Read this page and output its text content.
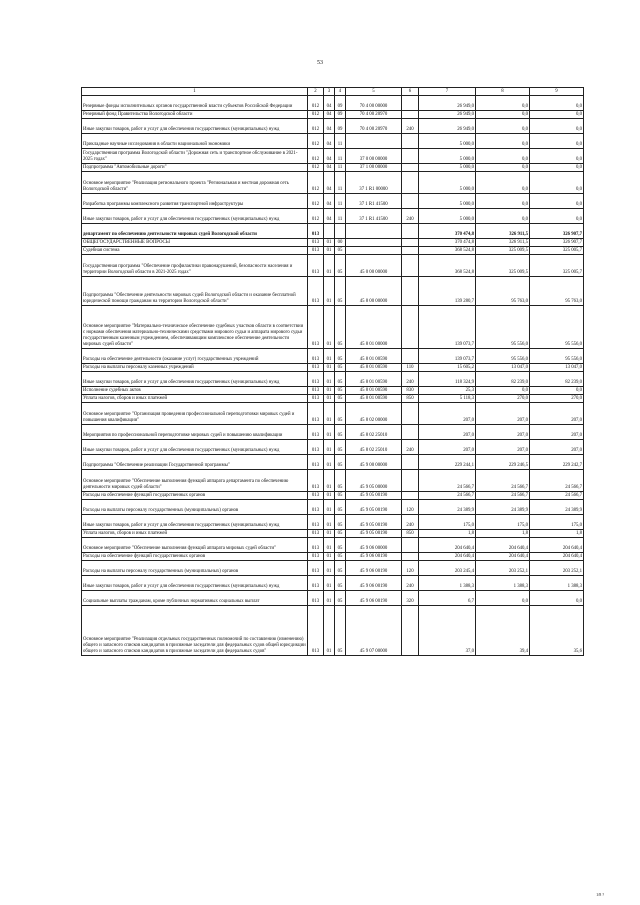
53
1	2	3	4	5	6	7	8	9
Резервные фонды исполнительных органов государственной власти субъектов Российской Федерации	012	04	09	70 4 00 00000		26 949,0	0,0	0,0
Резервный фонд Правительства Вологодской области	012	04	09	70 4 00 20970		26 949,0	0,0	0,0
Иные закупки товаров, работ и услуг для обеспечения государственных (муниципальных) нужд	012	04	09	70 4 00 20970	240	26 949,0	0,0	0,0
Прикладные научные исследования в области национальной экономики	012	04	11			5 000,0	0,0	0,0
Государственная программа Вологодской области "Дорожная сеть и транспортное обслуживание в 2021-2025 годах"	012	04	11	37 0 00 00000		5 000,0	0,0	0,0
Подпрограмма "Автомобильные дороги"	012	04	11	37 1 00 00000		5 000,0	0,0	0,0
Основное мероприятие "Реализация регионального проекта "Региональная и местная дорожная сеть Вологодской области"	012	04	11	37 1 R1 00000		5 000,0	0,0	0,0
Разработка программы комплексного развития транспортной инфраструктуры	012	04	11	37 1 R1 41500		5 000,0	0,0	0,0
Иные закупки товаров, работ и услуг для обеспечения государственных (муниципальных) нужд	012	04	11	37 1 R1 41500	240	5 000,0	0,0	0,0
департамент по обеспечению деятельности мировых судей Вологодской области	013					370 474,8	326 911,5	326 907,7
ОБЩЕГОСУДАРСТВЕННЫЕ ВОПРОСЫ	013	01	00			370 474,8	326 911,5	326 907,7
Судебная система	013	01	05			368 524,8	325 009,5	325 005,7
Государственная программа "Обеспечение профилактики правонарушений, безопасности населения и территории Вологодской области в 2021-2025 годах"	013	01	05	45 0 00 00000		368 524,8	325 009,5	325 005,7
Подпрограмма "Обеспечение деятельности мировых судей Вологодской области и оказание бесплатной юридической помощи гражданам на территории Вологодской области"	013	01	05	45 8 00 00000		139 280,7	95 763,0	95 763,0
Основное мероприятие "Материально-техническое обеспечение судебных участков области в соответствии с нормами обеспечения материально-техническими средствами мирового судьи и аппарата мирового судьи государственным казенным учреждением, обеспечивающим комплексное обеспечение деятельности мировых судей области"	013	01	05	45 8 01 00000		139 073,7	95 556,0	95 556,0
Расходы на обеспечение деятельности (оказание услуг) государственных учреждений	013	01	05	45 8 01 00590		139 073,7	95 556,0	95 556,0
Расходы на выплаты персоналу казенных учреждений	013	01	05	45 8 01 00590	110	15 605,2	13 047,0	13 047,0
Иные закупки товаров, работ и услуг для обеспечения государственных (муниципальных) нужд	013	01	05	45 8 01 00590	240	118 324,9	82 239,0	82 239,0
Исполнение судебных актов	013	01	05	45 8 01 00590	830	25,3	0,0	0,0
Уплата налогов, сборов и иных платежей	013	01	05	45 8 01 00590	850	5 118,3	270,0	270,0
Основное мероприятие "Организация проведения профессиональной переподготовки мировых судей и повышения квалификации"	013	01	05	45 8 02 00000		207,0	207,0	207,0
Мероприятия по профессиональной переподготовке мировых судей и повышению квалификации	013	01	05	45 8 02 25010		207,0	207,0	207,0
Иные закупки товаров, работ и услуг для обеспечения государственных (муниципальных) нужд	013	01	05	45 8 02 25010	240	207,0	207,0	207,0
Подпрограмма "Обеспечение реализации Государственной программы"	013	01	05	45 9 00 00000		229 244,1	229 246,5	229 242,7
Основное мероприятие "Обеспечение выполнения функций аппарата департамента по обеспечению деятельности мировых судей области"	013	01	05	45 9 05 00000		24 566,7	24 566,7	24 566,7
Расходы на обеспечение функций государственных органов	013	01	05	45 9 05 00190		24 566,7	24 566,7	24 566,7
Расходы на выплаты персоналу государственных (муниципальных) органов	013	01	05	45 9 05 00190	120	24 389,9	24 389,9	24 389,9
Иные закупки товаров, работ и услуг для обеспечения государственных (муниципальных) нужд	013	01	05	45 9 05 00190	240	175,0	175,0	175,0
Уплата налогов, сборов и иных платежей	013	01	05	45 9 05 00190	850	1,8	1,8	1,8
Основное мероприятие "Обеспечение выполнения функций аппарата мировых судей области"	013	01	05	45 9 06 00000		204 640,4	204 640,4	204 640,4
Расходы на обеспечение функций государственных органов	013	01	05	45 9 06 00190		204 640,4	204 640,4	204 640,4
Расходы на выплаты персоналу государственных (муниципальных) органов	013	01	05	45 9 06 00190	120	203 245,4	203 252,1	203 252,1
Иные закупки товаров, работ и услуг для обеспечения государственных (муниципальных) нужд	013	01	05	45 9 06 00190	240	1 388,3	1 388,3	1 388,3
Социальные выплаты гражданам, кроме публичных нормативных социальных выплат	013	01	05	45 9 06 00190	320	6,7	0,0	0,0
Основное мероприятие "Реализация отдельных государственных полномочий по составлению (изменению) общего и запасного списков кандидатов в присяжные заседатели для федеральных судов общей юрисдикции общего и запасного списков кандидатов в присяжные заседатели для федеральных судов"	013	01	05	45 9 07 00000		37,0	39,4	35,6
1/8 ?
